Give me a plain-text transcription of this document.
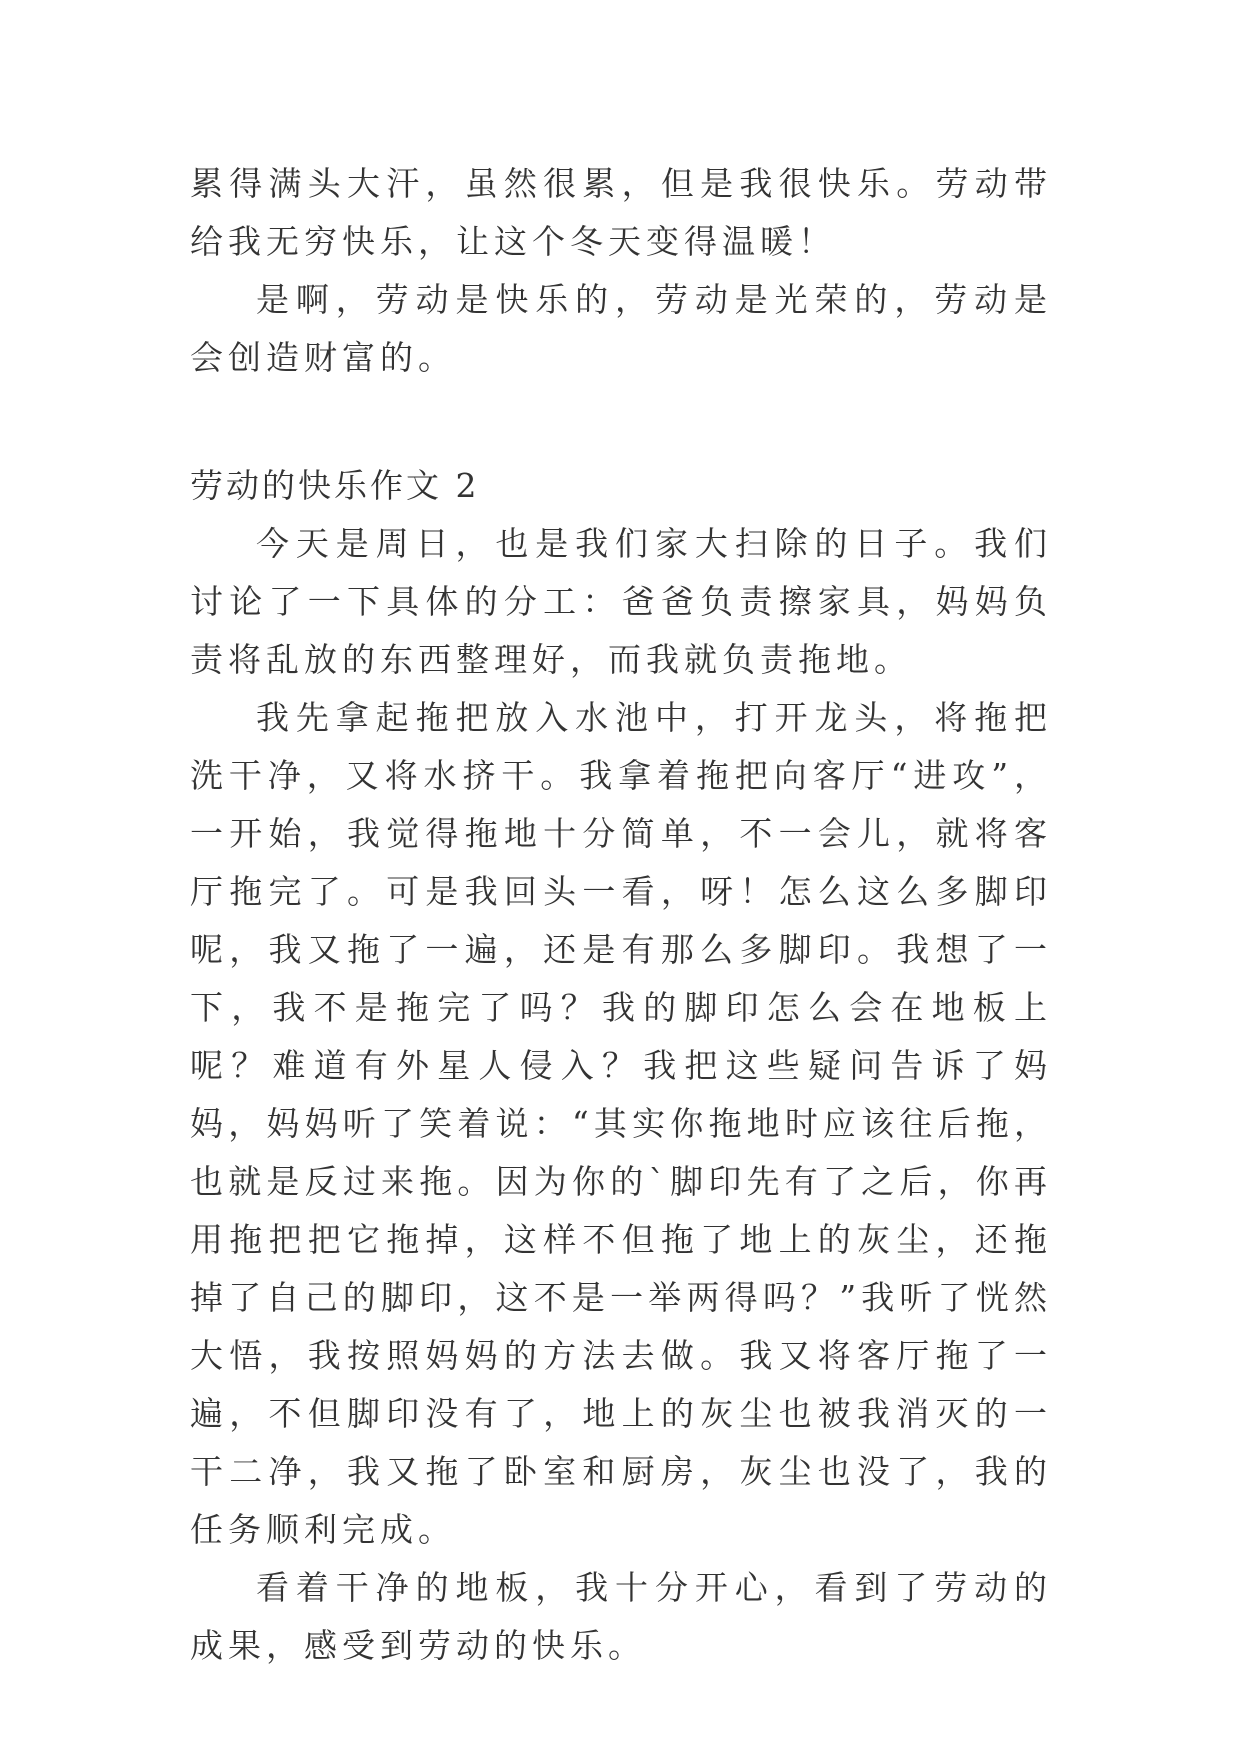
累得满头大汗，虽然很累，但是我很快乐。劳动带给我无穷快乐，让这个冬天变得温暖！

是啊，劳动是快乐的，劳动是光荣的，劳动是会创造财富的。

劳动的快乐作文 2

今天是周日，也是我们家大扫除的日子。我们讨论了一下具体的分工：爸爸负责擦家具，妈妈负责将乱放的东西整理好，而我就负责拖地。

我先拿起拖把放入水池中，打开龙头，将拖把洗干净，又将水挤干。我拿着拖把向客厅“进攻”，一开始，我觉得拖地十分简单，不一会儿，就将客厅拖完了。可是我回头一看，呀！怎么这么多脚印呢，我又拖了一遍，还是有那么多脚印。我想了一下，我不是拖完了吗？我的脚印怎么会在地板上呢？难道有外星人侵入？我把这些疑问告诉了妈妈，妈妈听了笑着说：“其实你拖地时应该往后拖，也就是反过来拖。因为你的`脚印先有了之后，你再用拖把把它拖掉，这样不但拖了地上的灰尘，还拖掉了自己的脚印，这不是一举两得吗？”我听了恍然大悟，我按照妈妈的方法去做。我又将客厅拖了一遍，不但脚印没有了，地上的灰尘也被我消灭的一干二净，我又拖了卧室和厨房，灰尘也没了，我的任务顺利完成。

看着干净的地板，我十分开心，看到了劳动的成果，感受到劳动的快乐。
